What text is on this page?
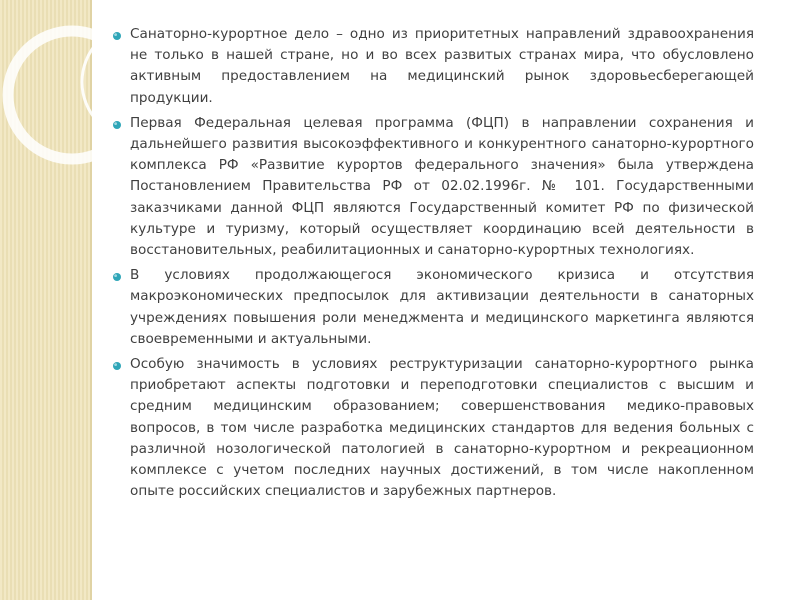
Санаторно-курортное дело – одно из приоритетных направлений здравоохранения не только в нашей стране, но и во всех развитых странах мира, что обусловлено активным предоставлением на медицинский рынок здоровьесберегающей продукции.
Первая Федеральная целевая программа (ФЦП) в направлении сохранения и дальнейшего развития высокоэффективного и конкурентного санаторно-курортного комплекса РФ «Развитие курортов федерального значения» была утверждена Постановлением Правительства РФ от 02.02.1996г. № 101. Государственными заказчиками данной ФЦП являются Государственный комитет РФ по физической культуре и туризму, который осуществляет координацию всей деятельности в восстановительных, реабилитационных и санаторно-курортных технологиях.
В условиях продолжающегося экономического кризиса и отсутствия макроэкономических предпосылок для активизации деятельности в санаторных учреждениях повышения роли менеджмента и медицинского маркетинга являются своевременными и актуальными.
Особую значимость в условиях реструктуризации санаторно-курортного рынка приобретают аспекты подготовки и переподготовки специалистов с высшим и средним медицинским образованием; совершенствования медико-правовых вопросов, в том числе разработка медицинских стандартов для ведения больных с различной нозологической патологией в санаторно-курортном и рекреационном комплексе с учетом последних научных достижений, в том числе накопленном опыте российских специалистов и зарубежных партнеров.
